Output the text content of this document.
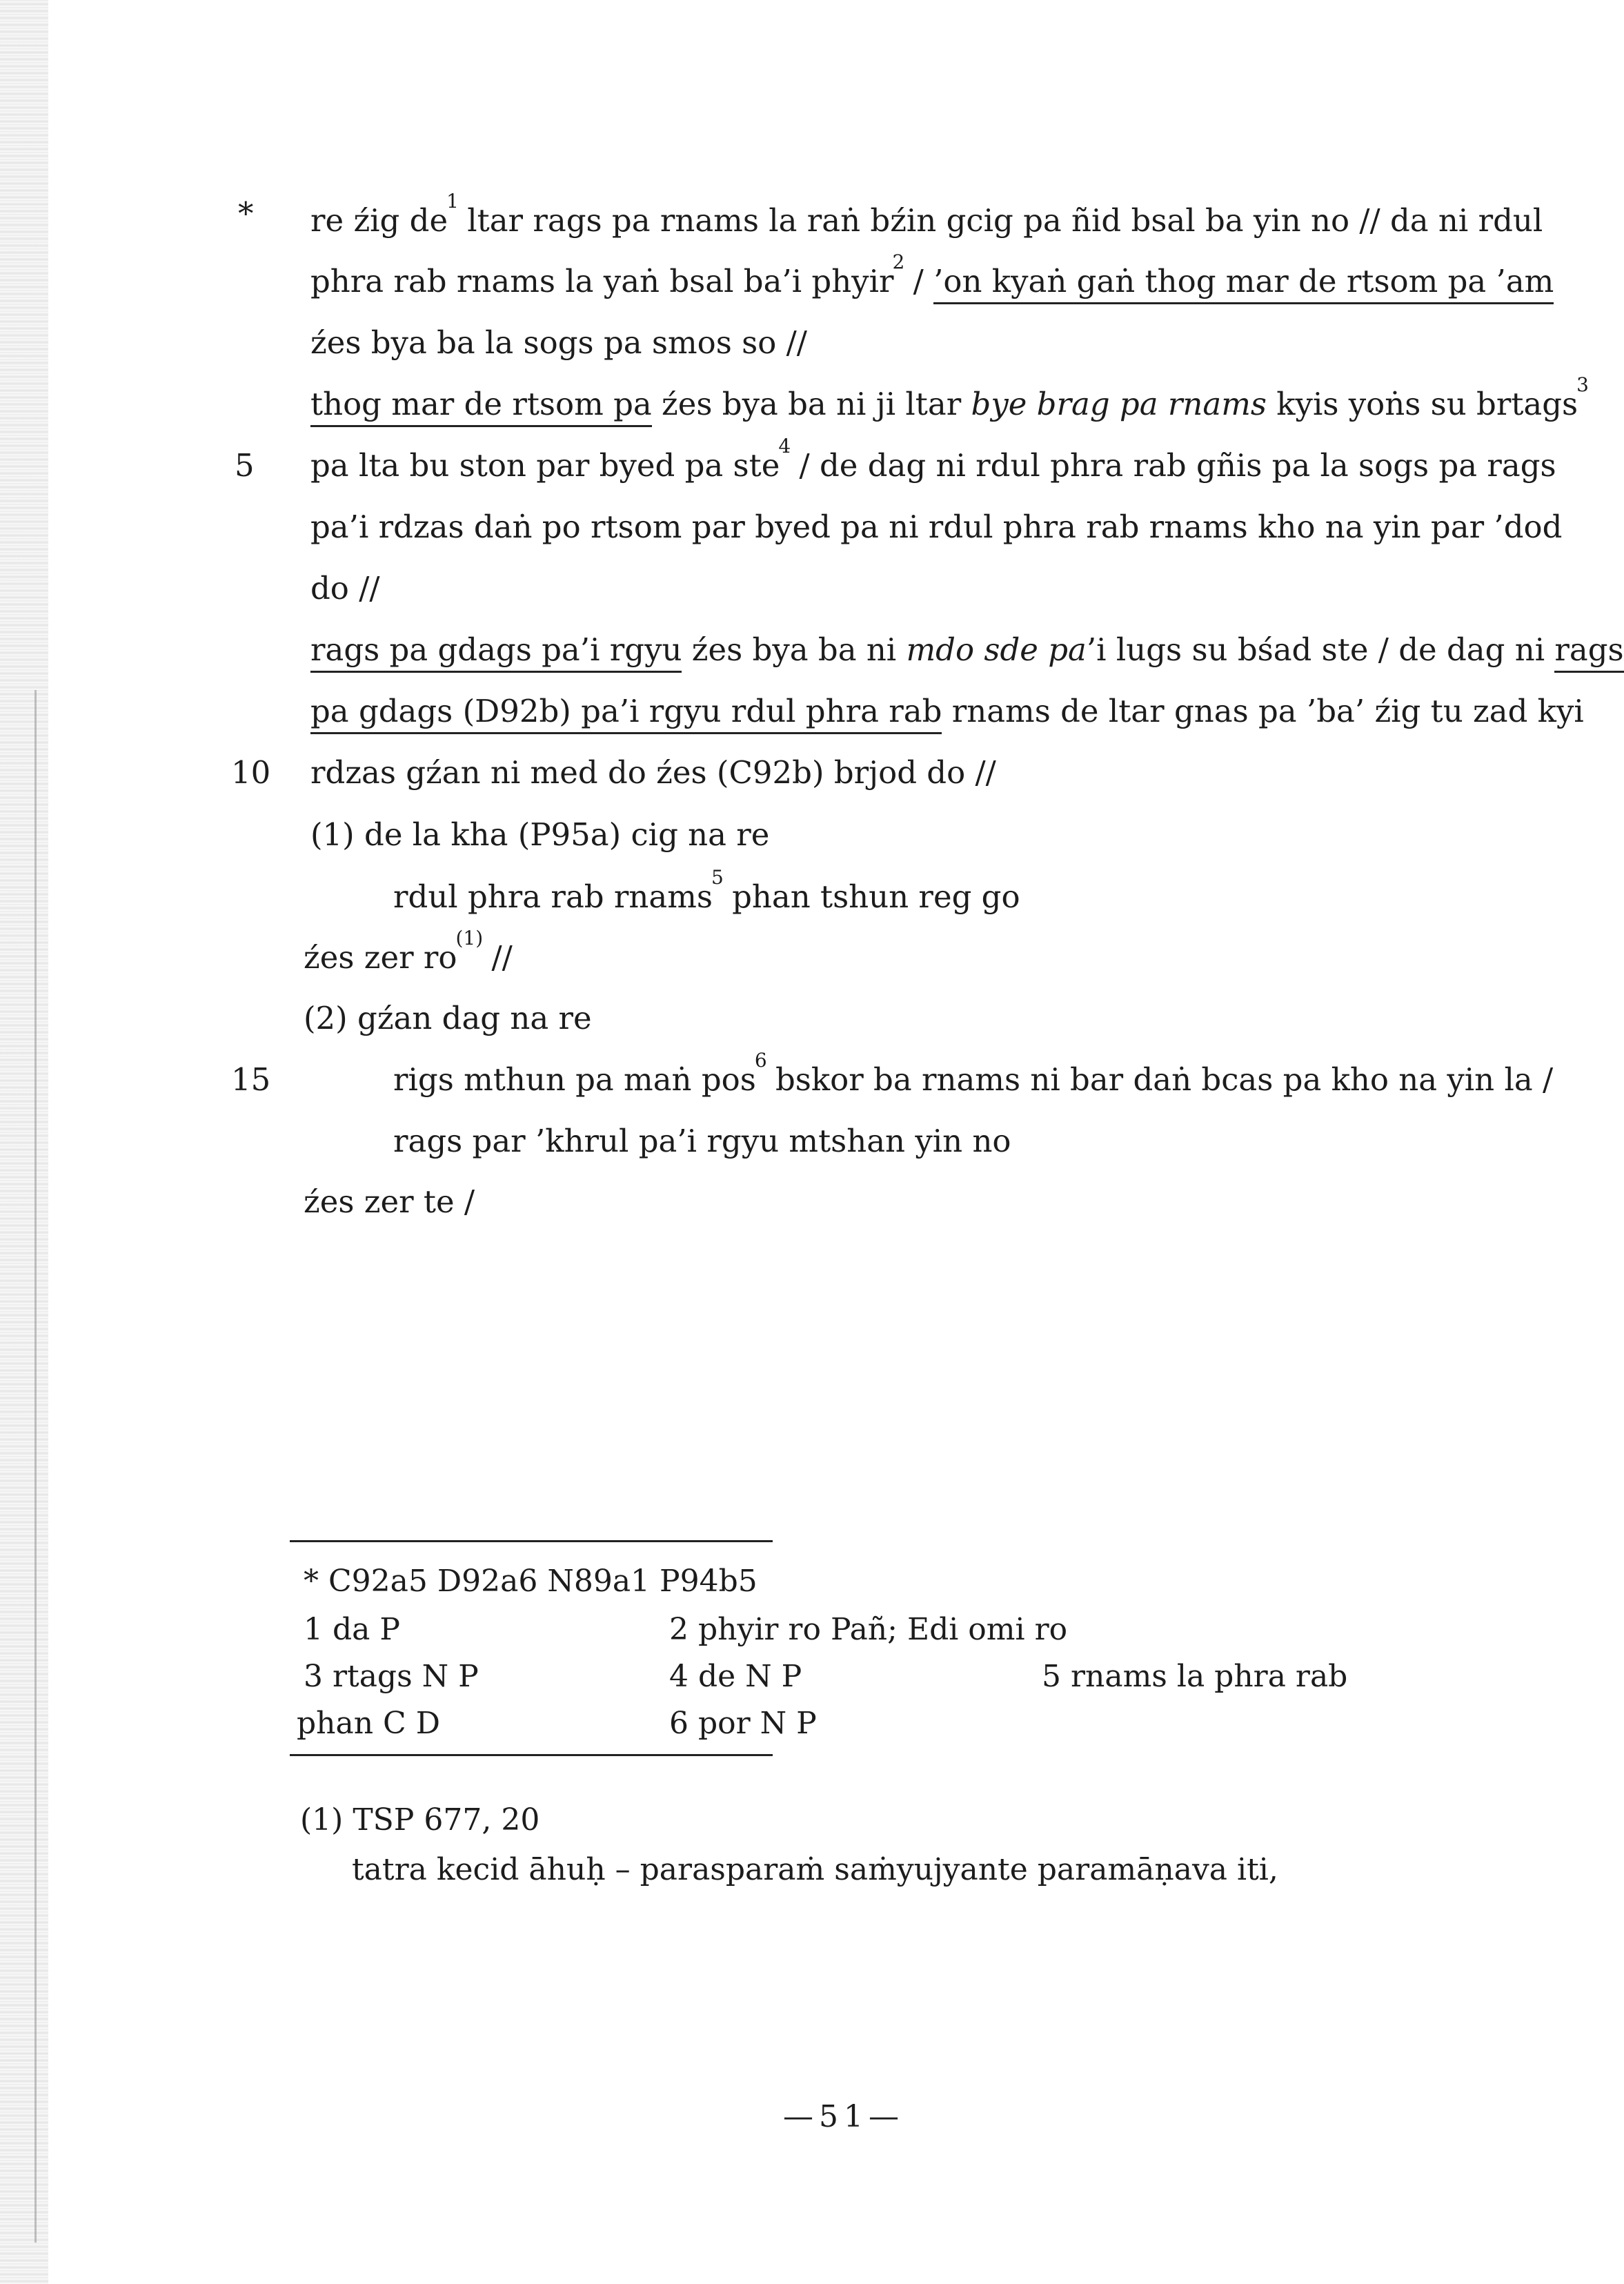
*
5
10
15
re źig $de^1$ ltar rags pa rnams la raṅ bźin gcig pa ñid bsal ba yin no // da ni rdul
phra rab rnams la yaṅ bsal ba’i phyir$^2$ / ’on kyaṅ gaṅ thog mar de rtsom pa ’am
źes bya ba la sogs pa smos so //
thog mar de rtsom pa źes bya ba ni ji ltar bye brag pa rnams kyis yoṅs su brtags$^3$
pa lta bu ston par byed pa ste$^4$ / de dag ni rdul phra rab gñis pa la sogs pa rags
pa’i rdzas daṅ po rtsom par byed pa ni rdul phra rab rnams kho na yin par ’dod
do //
rags pa gdags pa’i rgyu źes bya ba ni mdo sde pa’i lugs su bśad ste / de dag ni rags
pa gdags (D92b) pa’i rgyu rdul phra rab rnams de ltar gnas pa ’ba’ źig tu zad kyi
rdzas gźan ni med do źes (C92b) brjod do //
(1) de la kha (P95a) cig na re
rdul phra rab rnams$^5$ phan tshun reg go
źes zer $ro^{(1)}$ //
(2) gźan dag na re
rigs mthun pa maṅ pos$^6$ bskor ba rnams ni bar daṅ bcas pa kho na yin la /
rags par ’khrul pa’i rgyu mtshan yin no
źes zer te /
* C92a5 D92a6 N89a1 P94b5
1 da P	2 phyir ro Pañ; Edi omi ro
3 rtags N P	4 de N P	5 rnams la phra rab
phan C D	6 por N P
(1) TSP 677, 20
tatra kecid āhuḥ – parasparaṁ saṁyujyante paramāṇava iti,
—51—
